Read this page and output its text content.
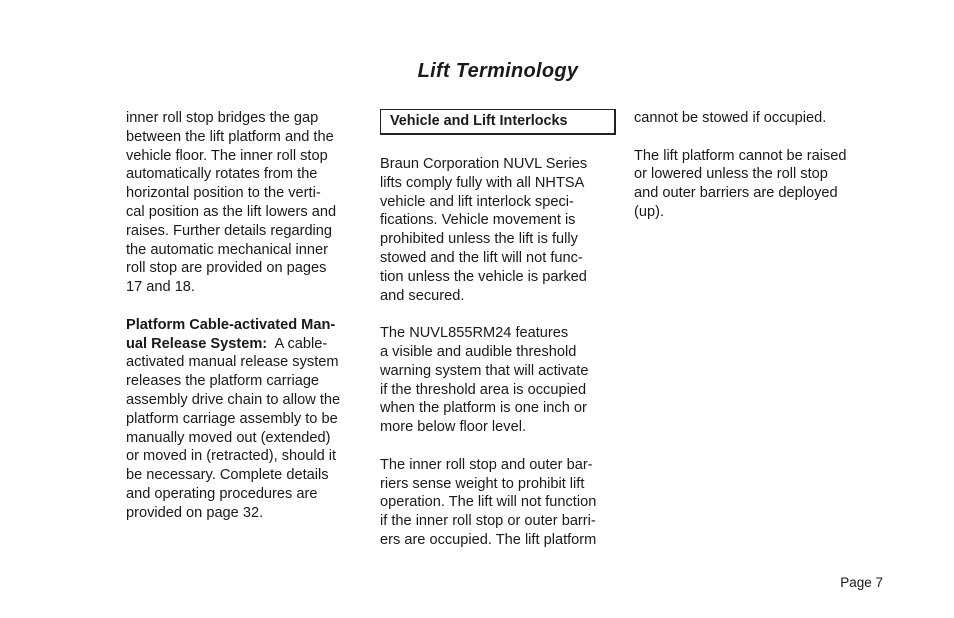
Lift Terminology

inner roll stop bridges the gap
between the lift platform and the
vehicle floor. The inner roll stop
automatically rotates from the
horizontal position to the verti-
cal position as the lift lowers and
raises. Further details regarding
the automatic mechanical inner
roll stop are provided on pages
17 and 18.

Platform Cable-activated Man-
ual Release System:  A cable-
activated manual release system
releases the platform carriage
assembly drive chain to allow the
platform carriage assembly to be
manually moved out (extended)
or moved in (retracted), should it
be necessary. Complete details
and operating procedures are
provided on page 32.

Vehicle and Lift Interlocks

Braun Corporation NUVL Series
lifts comply fully with all NHTSA
vehicle and lift interlock speci-
fications. Vehicle movement is
prohibited unless the lift is fully
stowed and the lift will not func-
tion unless the vehicle is parked
and secured.

The NUVL855RM24 features
a visible and audible threshold
warning system that will activate
if the threshold area is occupied
when the platform is one inch or
more below floor level.

The inner roll stop and outer bar-
riers sense weight to prohibit lift
operation. The lift will not function
if the inner roll stop or outer barri-
ers are occupied. The lift platform

cannot be stowed if occupied.

The lift platform cannot be raised
or lowered unless the roll stop
and outer barriers are deployed
(up).

Page 7
